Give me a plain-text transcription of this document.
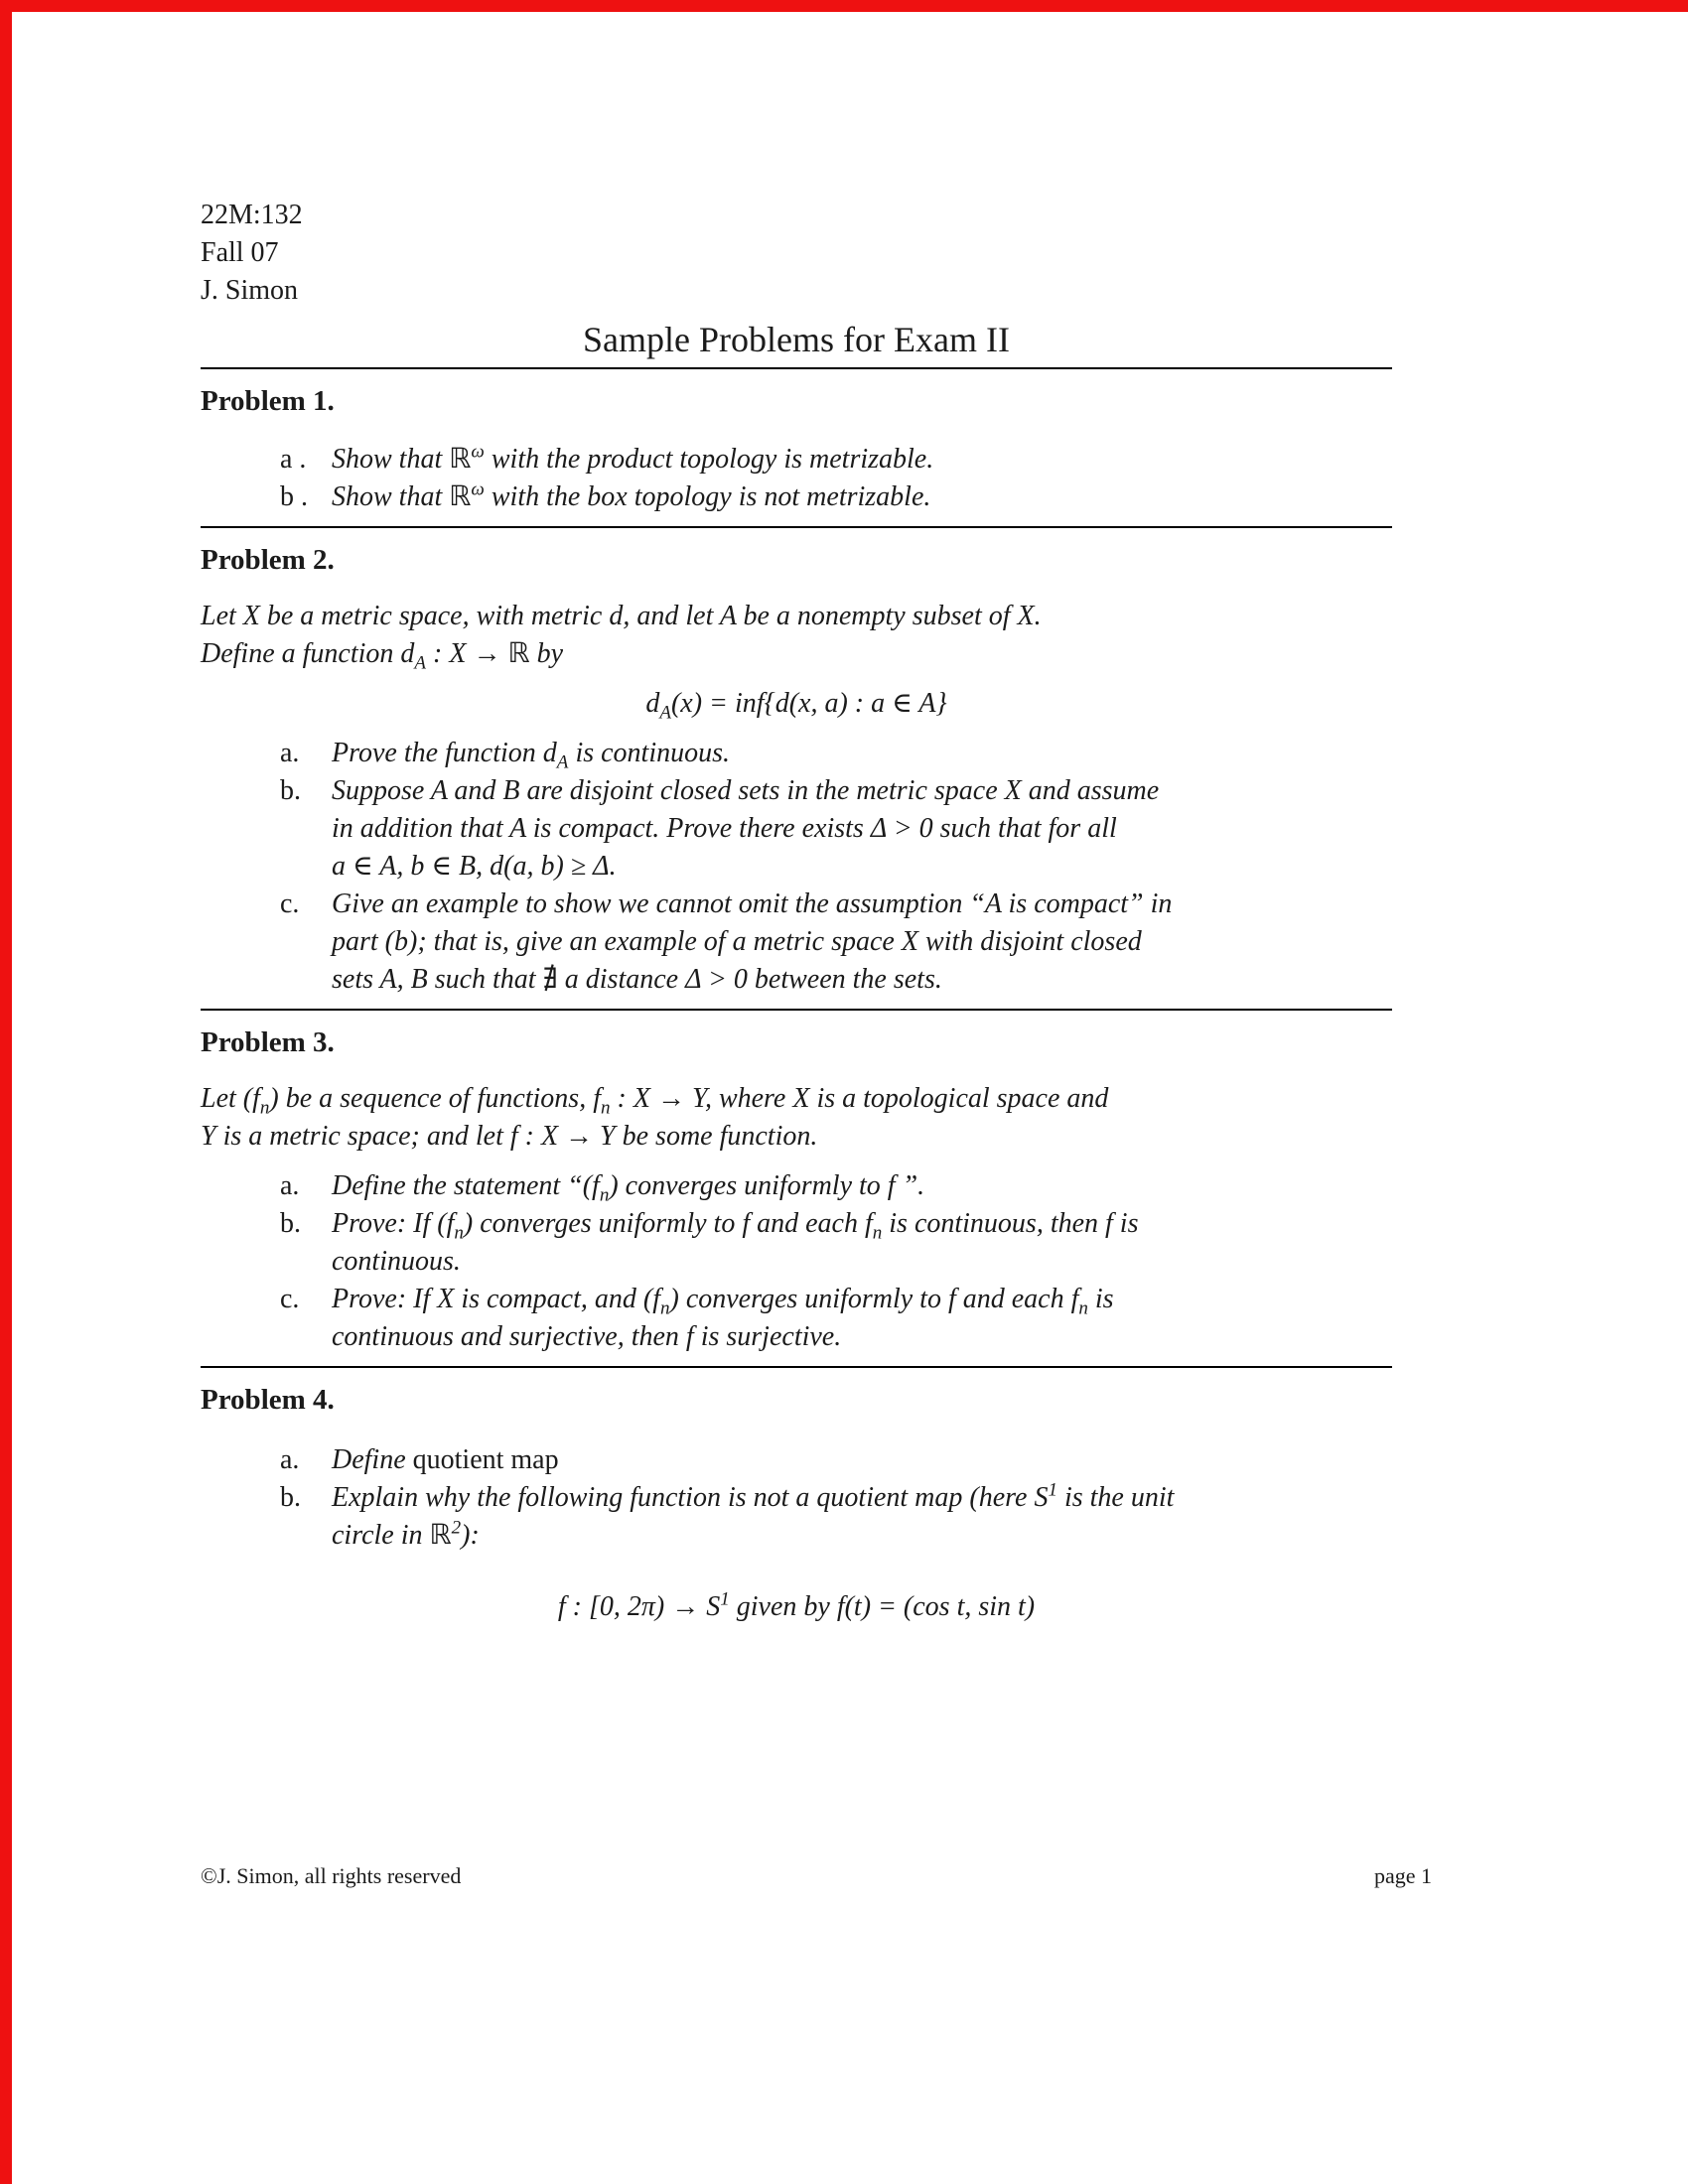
22M:132
Fall 07
J. Simon
Sample Problems for Exam II
Problem 1.
a . Show that ℝ$^\omega$ with the product topology is metrizable.
b . Show that ℝ$^\omega$ with the box topology is not metrizable.
Problem 2.
Let X be a metric space, with metric d, and let A be a nonempty subset of X.
Define a function $d_A$ : X → ℝ by
$d_A(x) = inf\{d(x$, a) : a ∈ A}
a.	Prove the function $d_A$ is continuous.
b.	Suppose A and B are disjoint closed sets in the metric space X and assume
in addition that A is compact. Prove there exists Δ > 0 such that for all
a ∈ A, b ∈ B, d(a, b) ≥ Δ.
c.	Give an example to show we cannot omit the assumption “A is compact” in
part (b); that is, give an example of a metric space X with disjoint closed
sets A, B such that ∄ a distance Δ > 0 between the sets.
Problem 3.
Let $(f_n)$ be a sequence of functions, $f_n$ : X → Y, where X is a topological space and
Y is a metric space; and let f : X → Y be some function.
a.	Define the statement “$(f_n)$ converges uniformly to f ”.
b.	Prove: If $(f_n)$ converges uniformly to f and each $f_n$ is continuous, then f is
continuous.
c.	Prove: If X is compact, and $(f_n)$ converges uniformly to f and each $f_n$ is
continuous and surjective, then f is surjective.
Problem 4.
a.	Define quotient map
b.	Explain why the following function is not a quotient map (here $S^1$ is the unit
circle in ℝ$^2$):
f : [0, $2\pi) \to S^1$ given by f(t) = (cos t, sin t)
©J. Simon, all rights reserved	page 1
